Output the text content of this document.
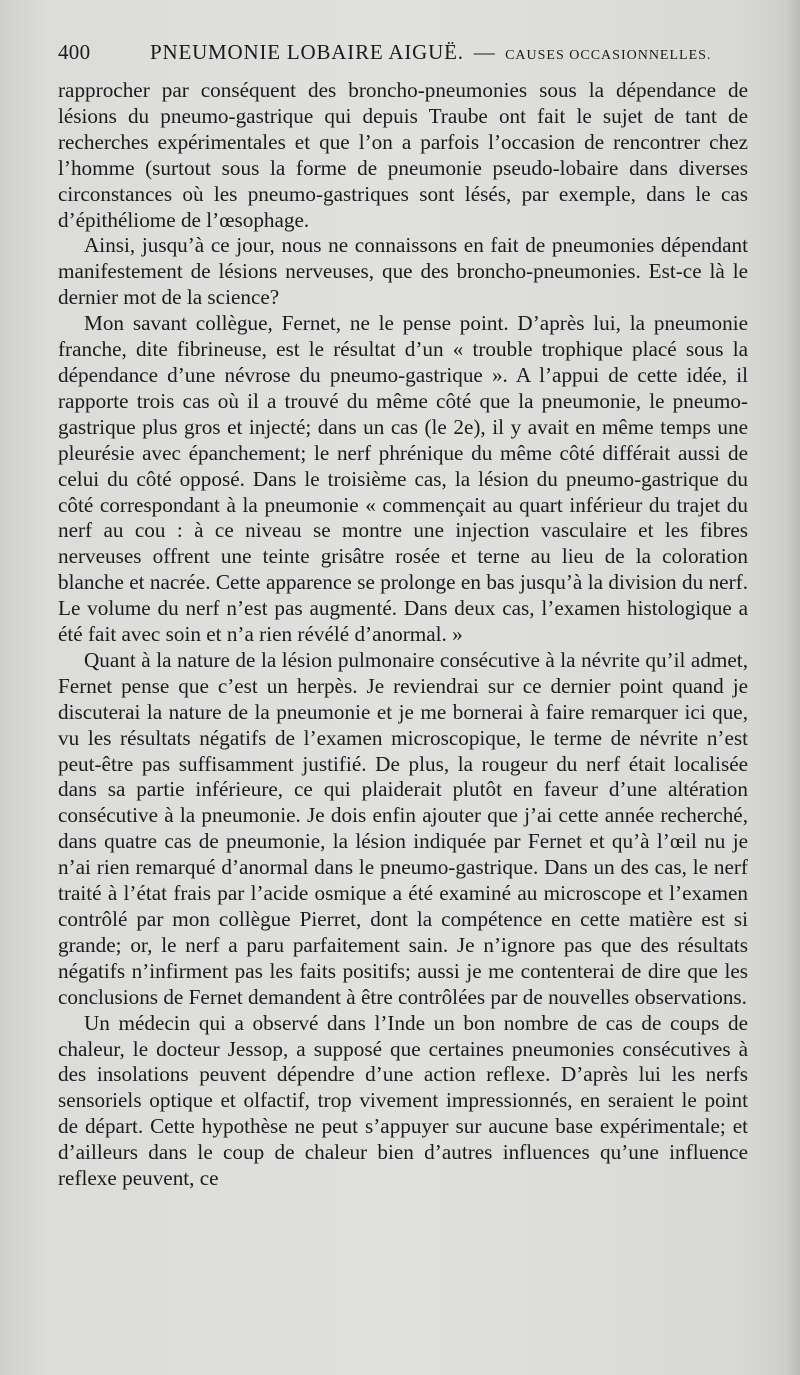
400	PNEUMONIE LOBAIRE AIGUË. — CAUSES OCCASIONNELLES.

rapprocher par conséquent des broncho-pneumonies sous la dépendance de lésions du pneumo-gastrique qui depuis Traube ont fait le sujet de tant de recherches expérimentales et que l’on a parfois l’occasion de rencontrer chez l’homme (surtout sous la forme de pneumonie pseudo-lobaire dans diverses circonstances où les pneumo-gastriques sont lésés, par exemple, dans le cas d’épithéliome de l’œsophage.

Ainsi, jusqu’à ce jour, nous ne connaissons en fait de pneumonies dépendant manifestement de lésions nerveuses, que des broncho-pneumonies. Est-ce là le dernier mot de la science?

Mon savant collègue, Fernet, ne le pense point. D’après lui, la pneumonie franche, dite fibrineuse, est le résultat d’un « trouble trophique placé sous la dépendance d’une névrose du pneumo-gastrique ». A l’appui de cette idée, il rapporte trois cas où il a trouvé du même côté que la pneumonie, le pneumo-gastrique plus gros et injecté; dans un cas (le 2e), il y avait en même temps une pleurésie avec épanchement; le nerf phrénique du même côté différait aussi de celui du côté opposé. Dans le troisième cas, la lésion du pneumo-gastrique du côté correspondant à la pneumonie « commençait au quart inférieur du trajet du nerf au cou : à ce niveau se montre une injection vasculaire et les fibres nerveuses offrent une teinte grisâtre rosée et terne au lieu de la coloration blanche et nacrée. Cette apparence se prolonge en bas jusqu’à la division du nerf. Le volume du nerf n’est pas augmenté. Dans deux cas, l’examen histologique a été fait avec soin et n’a rien révélé d’anormal. »

Quant à la nature de la lésion pulmonaire consécutive à la névrite qu’il admet, Fernet pense que c’est un herpès. Je reviendrai sur ce dernier point quand je discuterai la nature de la pneumonie et je me bornerai à faire remarquer ici que, vu les résultats négatifs de l’examen microscopique, le terme de névrite n’est peut-être pas suffisamment justifié. De plus, la rougeur du nerf était localisée dans sa partie inférieure, ce qui plaiderait plutôt en faveur d’une altération consécutive à la pneumonie. Je dois enfin ajouter que j’ai cette année recherché, dans quatre cas de pneumonie, la lésion indiquée par Fernet et qu’à l’œil nu je n’ai rien remarqué d’anormal dans le pneumo-gastrique. Dans un des cas, le nerf traité à l’état frais par l’acide osmique a été examiné au microscope et l’examen contrôlé par mon collègue Pierret, dont la compétence en cette matière est si grande; or, le nerf a paru parfaitement sain. Je n’ignore pas que des résultats négatifs n’infirment pas les faits positifs; aussi je me contenterai de dire que les conclusions de Fernet demandent à être contrôlées par de nouvelles observations.

Un médecin qui a observé dans l’Inde un bon nombre de cas de coups de chaleur, le docteur Jessop, a supposé que certaines pneumonies consécutives à des insolations peuvent dépendre d’une action reflexe. D’après lui les nerfs sensoriels optique et olfactif, trop vivement impressionnés, en seraient le point de départ. Cette hypothèse ne peut s’appuyer sur aucune base expérimentale; et d’ailleurs dans le coup de chaleur bien d’autres influences qu’une influence reflexe peuvent, ce
